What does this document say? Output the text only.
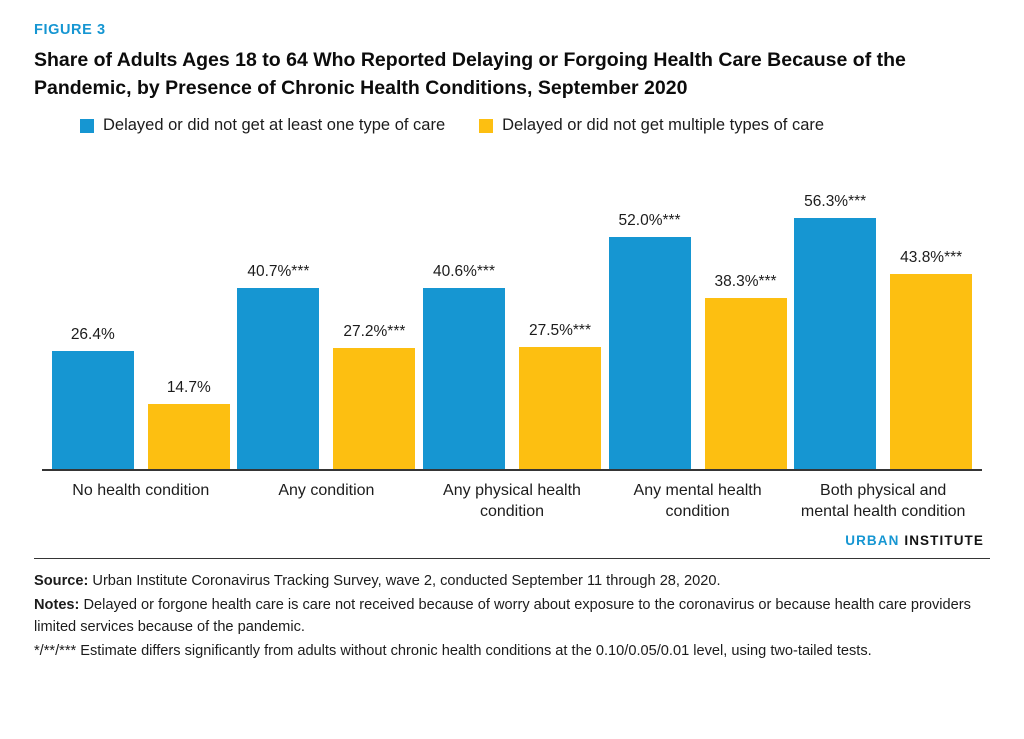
FIGURE 3
Share of Adults Ages 18 to 64 Who Reported Delaying or Forgoing Health Care Because of the Pandemic, by Presence of Chronic Health Conditions, September 2020
Delayed or did not get at least one type of care	Delayed or did not get multiple types of care
26.4%
14.7%
40.7%***
27.2%***
40.6%***
27.5%***
52.0%***
38.3%***
56.3%***
43.8%***
No health condition	Any condition	Any physical health condition
Any mental health condition
Both physical and mental health condition
URBAN INSTITUTE

Source: Urban Institute Coronavirus Tracking Survey, wave 2, conducted September 11 through 28, 2020.

Notes: Delayed or forgone health care is care not received because of worry about exposure to the coronavirus or because health care providers limited services because of the pandemic.

*/**/*** Estimate differs significantly from adults without chronic health conditions at the 0.10/0.05/0.01 level, using two-tailed tests.
